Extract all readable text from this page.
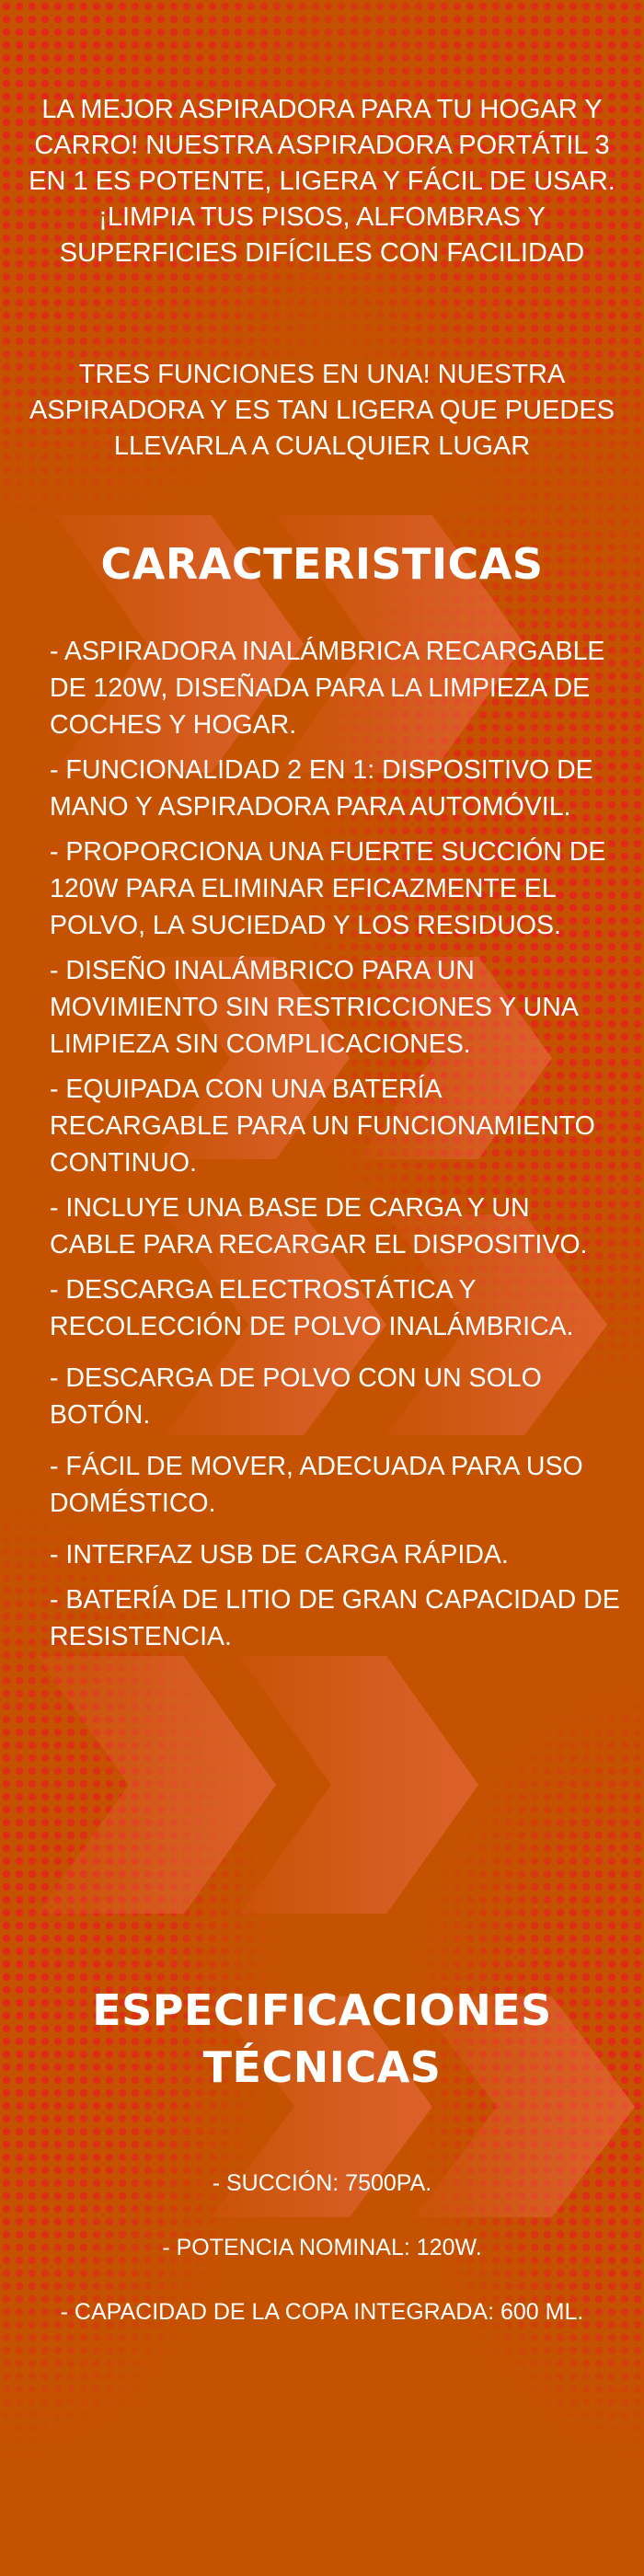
LA MEJOR ASPIRADORA PARA TU HOGAR Y CARRO! NUESTRA ASPIRADORA PORTÁTIL 3 EN 1 ES POTENTE, LIGERA Y FÁCIL DE USAR. ¡LIMPIA TUS PISOS, ALFOMBRAS Y SUPERFICIES DIFÍCILES CON FACILIDAD

TRES FUNCIONES EN UNA! NUESTRA ASPIRADORA Y ES TAN LIGERA QUE PUEDES LLEVARLA A CUALQUIER LUGAR

CARACTERISTICAS
- ASPIRADORA INALÁMBRICA RECARGABLE DE 120W, DISEÑADA PARA LA LIMPIEZA DE COCHES Y HOGAR.
- FUNCIONALIDAD 2 EN 1: DISPOSITIVO DE MANO Y ASPIRADORA PARA AUTOMÓVIL.
- PROPORCIONA UNA FUERTE SUCCIÓN DE 120W PARA ELIMINAR EFICAZMENTE EL POLVO, LA SUCIEDAD Y LOS RESIDUOS.
- DISEÑO INALÁMBRICO PARA UN MOVIMIENTO SIN RESTRICCIONES Y UNA LIMPIEZA SIN COMPLICACIONES.
- EQUIPADA CON UNA BATERÍA RECARGABLE PARA UN FUNCIONAMIENTO CONTINUO.
- INCLUYE UNA BASE DE CARGA Y UN CABLE PARA RECARGAR EL DISPOSITIVO.
- DESCARGA ELECTROSTÁTICA Y RECOLECCIÓN DE POLVO INALÁMBRICA.
- DESCARGA DE POLVO CON UN SOLO BOTÓN.
- FÁCIL DE MOVER, ADECUADA PARA USO DOMÉSTICO.
- INTERFAZ USB DE CARGA RÁPIDA.
- BATERÍA DE LITIO DE GRAN CAPACIDAD DE RESISTENCIA.
ESPECIFICACIONES
TÉCNICAS

- SUCCIÓN: 7500PA.

- POTENCIA NOMINAL: 120W.

- CAPACIDAD DE LA COPA INTEGRADA: 600 ML.
